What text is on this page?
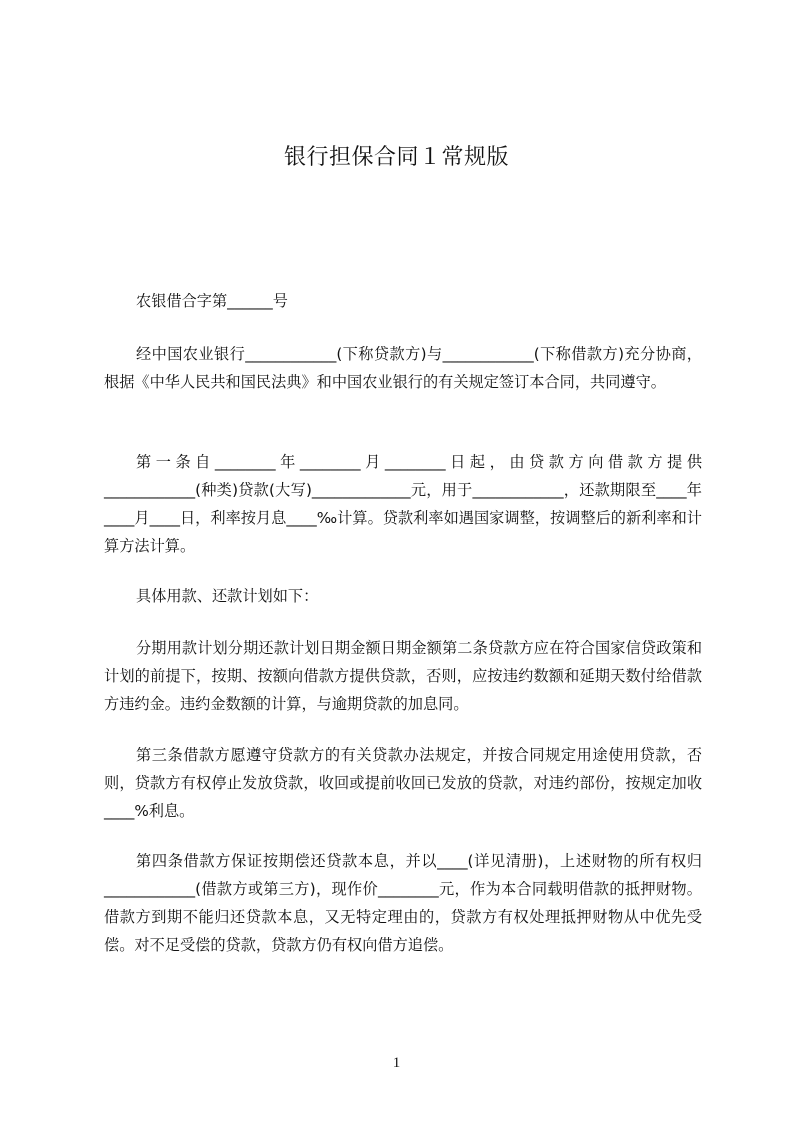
银行担保合同１常规版

农银借合字第______号

经中国农业银行____________(下称贷款方)与____________(下称借款方)充分协商，根据《中华人民共和国民法典》和中国农业银行的有关规定签订本合同，共同遵守。

第一条自________年________月________日起，由贷款方向借款方提供____________(种类)贷款(大写)_____________元，用于____________，还款期限至____年____月____日，利率按月息____‰计算。贷款利率如遇国家调整，按调整后的新利率和计算方法计算。

具体用款、还款计划如下：

分期用款计划分期还款计划日期金额日期金额第二条贷款方应在符合国家信贷政策和计划的前提下，按期、按额向借款方提供贷款，否则，应按违约数额和延期天数付给借款方违约金。违约金数额的计算，与逾期贷款的加息同。

第三条借款方愿遵守贷款方的有关贷款办法规定，并按合同规定用途使用贷款，否则，贷款方有权停止发放贷款，收回或提前收回已发放的贷款，对违约部份，按规定加收____%利息。

第四条借款方保证按期偿还贷款本息，并以____(详见清册)，上述财物的所有权归____________(借款方或第三方)，现作价________元，作为本合同载明借款的抵押财物。借款方到期不能归还贷款本息，又无特定理由的，贷款方有权处理抵押财物从中优先受偿。对不足受偿的贷款，贷款方仍有权向借方追偿。

1
